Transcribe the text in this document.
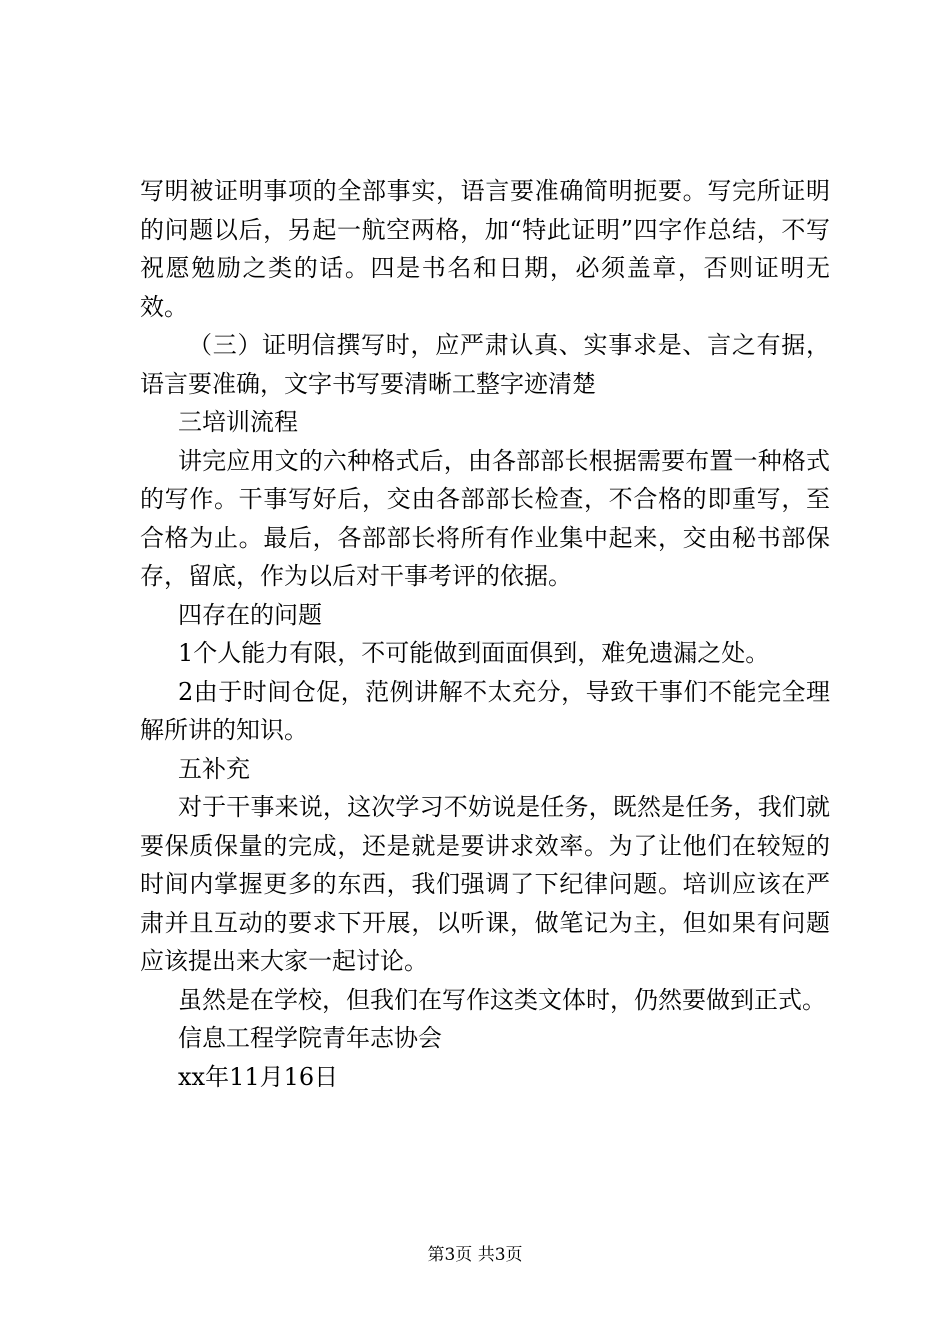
写明被证明事项的全部事实，语言要准确简明扼要。写完所证明的问题以后，另起一航空两格，加“特此证明”四字作总结，不写祝愿勉励之类的话。四是书名和日期，必须盖章，否则证明无效。

（三）证明信撰写时，应严肃认真、实事求是、言之有据，语言要准确，文字书写要清晰工整字迹清楚

三培训流程

讲完应用文的六种格式后，由各部部长根据需要布置一种格式的写作。干事写好后，交由各部部长检查，不合格的即重写，至合格为止。最后，各部部长将所有作业集中起来，交由秘书部保存，留底，作为以后对干事考评的依据。

四存在的问题

1个人能力有限，不可能做到面面俱到，难免遗漏之处。

2由于时间仓促，范例讲解不太充分，导致干事们不能完全理解所讲的知识。

五补充

对于干事来说，这次学习不妨说是任务，既然是任务，我们就要保质保量的完成，还是就是要讲求效率。为了让他们在较短的时间内掌握更多的东西，我们强调了下纪律问题。培训应该在严肃并且互动的要求下开展，以听课，做笔记为主，但如果有问题应该提出来大家一起讨论。

虽然是在学校，但我们在写作这类文体时，仍然要做到正式。

信息工程学院青年志协会

xx年11月16日

第3页 共3页
